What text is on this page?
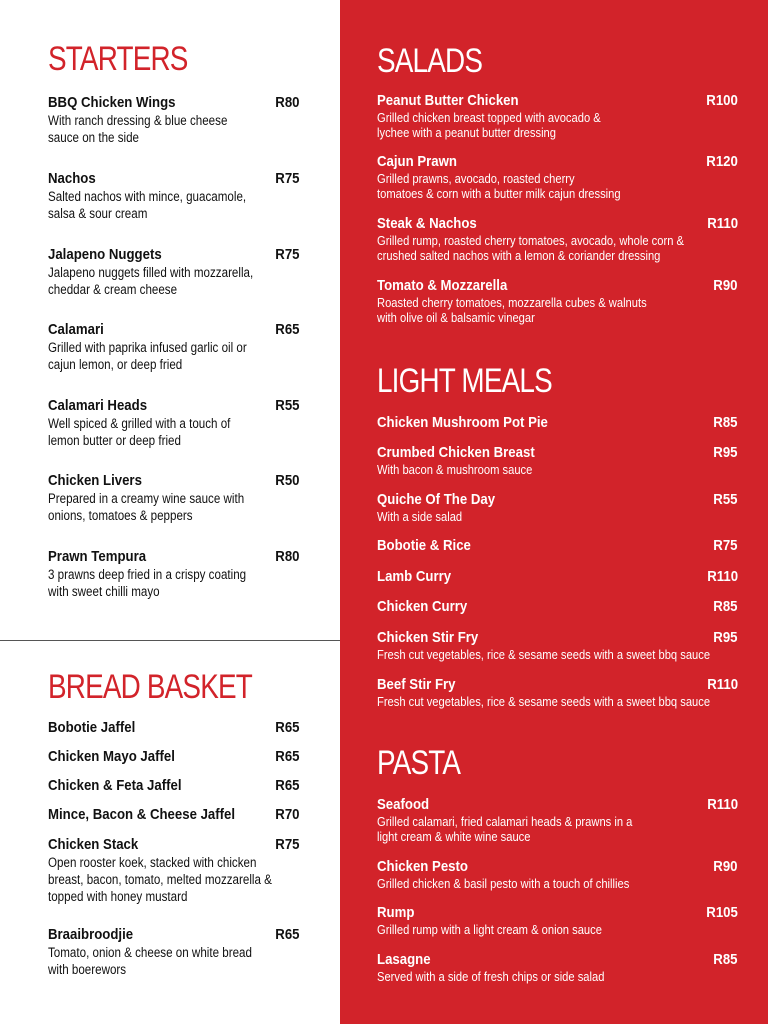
STARTERS
BREAD BASKET
BBQ Chicken Wings	R80
With ranch dressing & blue cheese
sauce on the side
Nachos	R75
Salted nachos with mince, guacamole,
salsa & sour cream
Jalapeno Nuggets	R75
Jalapeno nuggets filled with mozzarella,
cheddar & cream cheese
Calamari	R65
Grilled with paprika infused garlic oil or
cajun lemon, or deep fried
Calamari Heads	R55
Well spiced & grilled with a touch of
lemon butter or deep fried
Chicken Livers	R50
Prepared in a creamy wine sauce with
onions, tomatoes & peppers
Prawn Tempura	R80
3 prawns deep fried in a crispy coating
with sweet chilli mayo
Bobotie Jaffel	R65
Chicken Mayo Jaffel	R65
Chicken & Feta Jaffel	R65
Mince, Bacon & Cheese Jaffel	R70
Chicken Stack	R75
Open rooster koek, stacked with chicken
breast, bacon, tomato, melted mozzarella &
topped with honey mustard
Braaibroodjie	R65
Tomato, onion & cheese on white bread
with boerewors
SALADS
LIGHT MEALS
PASTA
Peanut Butter Chicken	R100
Grilled chicken breast topped with avocado &
lychee with a peanut butter dressing
Cajun Prawn	R120
Grilled prawns, avocado, roasted cherry
tomatoes & corn with a butter milk cajun dressing
Steak & Nachos	R110
Grilled rump, roasted cherry tomatoes, avocado, whole corn &
crushed salted nachos with a lemon & coriander dressing
Tomato & Mozzarella	R90
Roasted cherry tomatoes, mozzarella cubes & walnuts
with olive oil & balsamic vinegar
Chicken Mushroom Pot Pie	R85
Crumbed Chicken Breast	R95
With bacon & mushroom sauce
Quiche Of The Day	R55
With a side salad
Bobotie & Rice	R75
Lamb Curry	R110
Chicken Curry	R85
Chicken Stir Fry	R95
Fresh cut vegetables, rice & sesame seeds with a sweet bbq sauce
Beef Stir Fry	R110
Fresh cut vegetables, rice & sesame seeds with a sweet bbq sauce
Seafood	R110
Grilled calamari, fried calamari heads & prawns in a
light cream & white wine sauce
Chicken Pesto	R90
Grilled chicken & basil pesto with a touch of chillies
Rump	R105
Grilled rump with a light cream & onion sauce
Lasagne	R85
Served with a side of fresh chips or side salad
